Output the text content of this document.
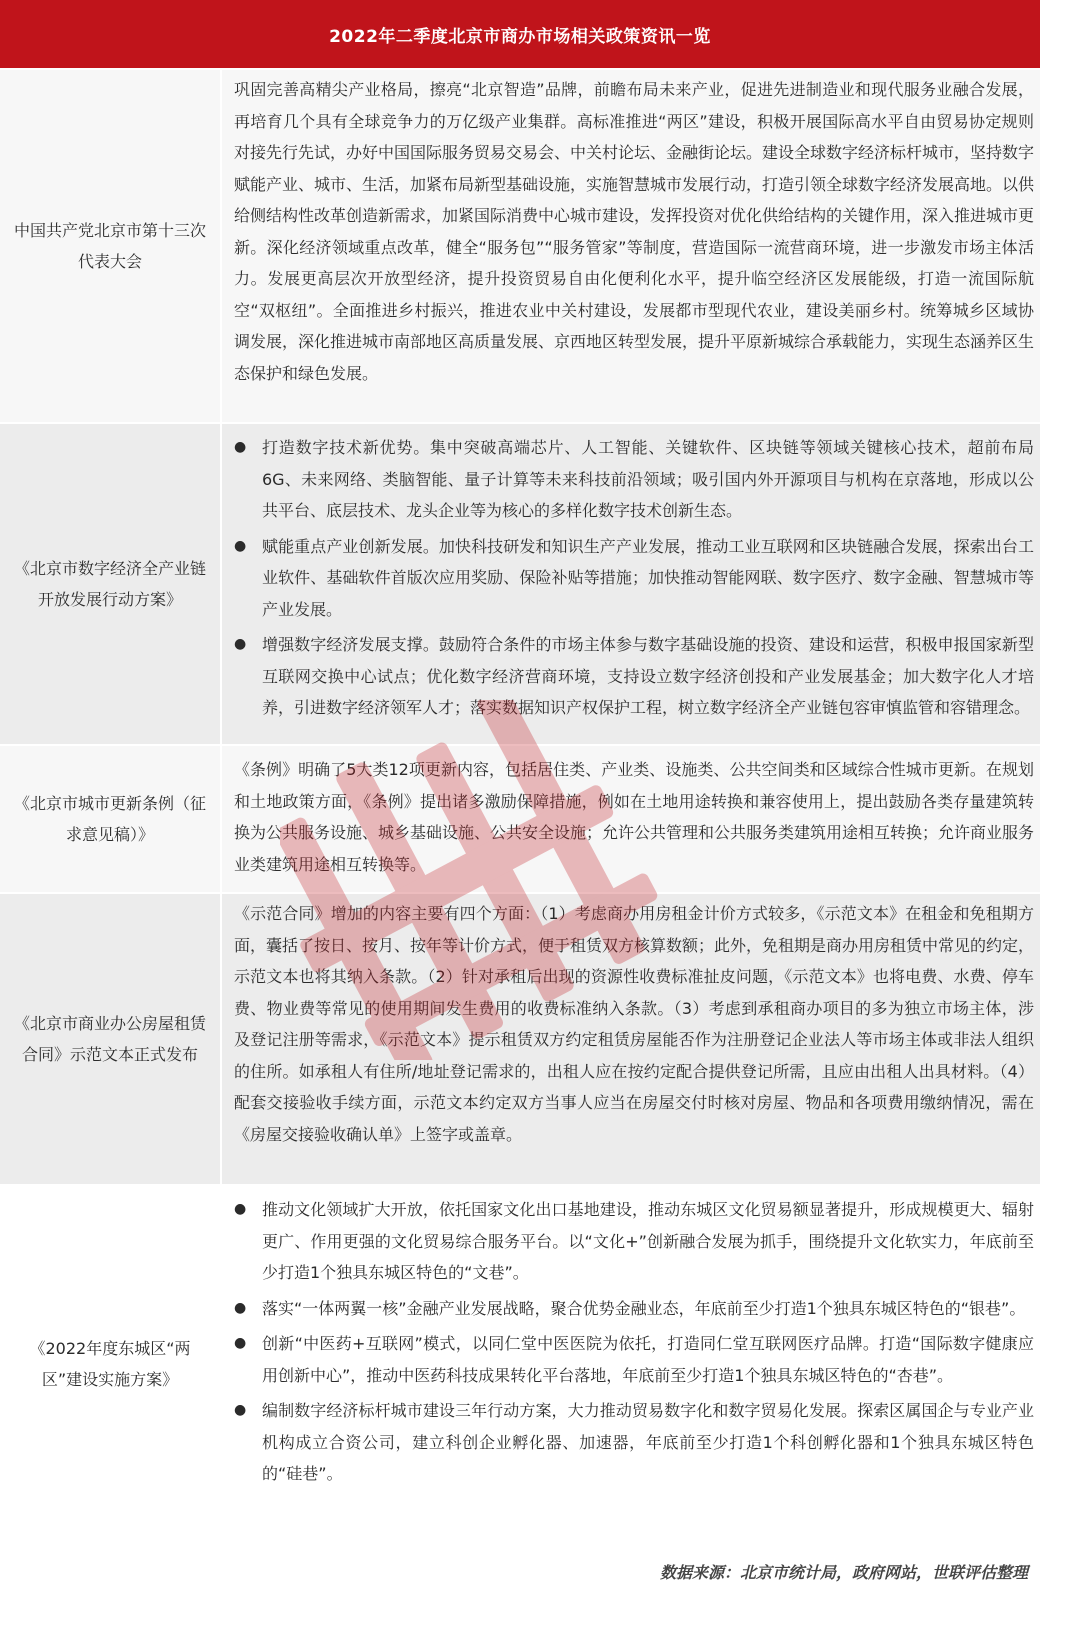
2022年二季度北京市商办市场相关政策资讯一览
中国共产党北京市第十三次代表大会
巩固完善高精尖产业格局，擦亮“北京智造”品牌，前瞻布局未来产业，促进先进制造业和现代服务业融合发展，再培育几个具有全球竞争力的万亿级产业集群。高标准推进“两区”建设，积极开展国际高水平自由贸易协定规则对接先行先试，办好中国国际服务贸易交易会、中关村论坛、金融街论坛。建设全球数字经济标杆城市，坚持数字赋能产业、城市、生活，加紧布局新型基础设施，实施智慧城市发展行动，打造引领全球数字经济发展高地。以供给侧结构性改革创造新需求，加紧国际消费中心城市建设，发挥投资对优化供给结构的关键作用，深入推进城市更新。深化经济领域重点改革，健全“服务包”“服务管家”等制度，营造国际一流营商环境，进一步激发市场主体活力。发展更高层次开放型经济，提升投资贸易自由化便利化水平，提升临空经济区发展能级，打造一流国际航空“双枢纽”。全面推进乡村振兴，推进农业中关村建设，发展都市型现代农业，建设美丽乡村。统筹城乡区域协调发展，深化推进城市南部地区高质量发展、京西地区转型发展，提升平原新城综合承载能力，实现生态涵养区生态保护和绿色发展。
《北京市数字经济全产业链开放发展行动方案》
● 打造数字技术新优势。集中突破高端芯片、人工智能、关键软件、区块链等领域关键核心技术，超前布局6G、未来网络、类脑智能、量子计算等未来科技前沿领域；吸引国内外开源项目与机构在京落地，形成以公共平台、底层技术、龙头企业等为核心的多样化数字技术创新生态。
● 赋能重点产业创新发展。加快科技研发和知识生产产业发展，推动工业互联网和区块链融合发展，探索出台工业软件、基础软件首版次应用奖励、保险补贴等措施；加快推动智能网联、数字医疗、数字金融、智慧城市等产业发展。
● 增强数字经济发展支撑。鼓励符合条件的市场主体参与数字基础设施的投资、建设和运营，积极申报国家新型互联网交换中心试点；优化数字经济营商环境，支持设立数字经济创投和产业发展基金；加大数字化人才培养，引进数字经济领军人才；落实数据知识产权保护工程，树立数字经济全产业链包容审慎监管和容错理念。
《北京市城市更新条例（征求意见稿）》
《条例》明确了5大类12项更新内容，包括居住类、产业类、设施类、公共空间类和区域综合性城市更新。在规划和土地政策方面，《条例》提出诸多激励保障措施，例如在土地用途转换和兼容使用上，提出鼓励各类存量建筑转换为公共服务设施、城乡基础设施、公共安全设施；允许公共管理和公共服务类建筑用途相互转换；允许商业服务业类建筑用途相互转换等。
《北京市商业办公房屋租赁合同》示范文本正式发布
《示范合同》增加的内容主要有四个方面：（1）考虑商办用房租金计价方式较多，《示范文本》在租金和免租期方面，囊括了按日、按月、按年等计价方式，便于租赁双方核算数额；此外，免租期是商办用房租赁中常见的约定，示范文本也将其纳入条款。（2）针对承租后出现的资源性收费标准扯皮问题，《示范文本》也将电费、水费、停车费、物业费等常见的使用期间发生费用的收费标准纳入条款。（3）考虑到承租商办项目的多为独立市场主体，涉及登记注册等需求，《示范文本》提示租赁双方约定租赁房屋能否作为注册登记企业法人等市场主体或非法人组织的住所。如承租人有住所/地址登记需求的，出租人应在按约定配合提供登记所需，且应由出租人出具材料。（4）配套交接验收手续方面，示范文本约定双方当事人应当在房屋交付时核对房屋、物品和各项费用缴纳情况，需在《房屋交接验收确认单》上签字或盖章。
《2022年度东城区“两区”建设实施方案》
● 推动文化领域扩大开放，依托国家文化出口基地建设，推动东城区文化贸易额显著提升，形成规模更大、辐射更广、作用更强的文化贸易综合服务平台。以“文化+”创新融合发展为抓手，围绕提升文化软实力，年底前至少打造1个独具东城区特色的“文巷”。
● 落实“一体两翼一核”金融产业发展战略，聚合优势金融业态，年底前至少打造1个独具东城区特色的“银巷”。
● 创新“中医药+互联网”模式，以同仁堂中医医院为依托，打造同仁堂互联网医疗品牌。打造“国际数字健康应用创新中心”，推动中医药科技成果转化平台落地，年底前至少打造1个独具东城区特色的“杏巷”。
● 编制数字经济标杆城市建设三年行动方案，大力推动贸易数字化和数字贸易化发展。探索区属国企与专业产业机构成立合资公司，建立科创企业孵化器、加速器，年底前至少打造1个科创孵化器和1个独具东城区特色的“硅巷”。
数据来源：北京市统计局，政府网站，世联评估整理
